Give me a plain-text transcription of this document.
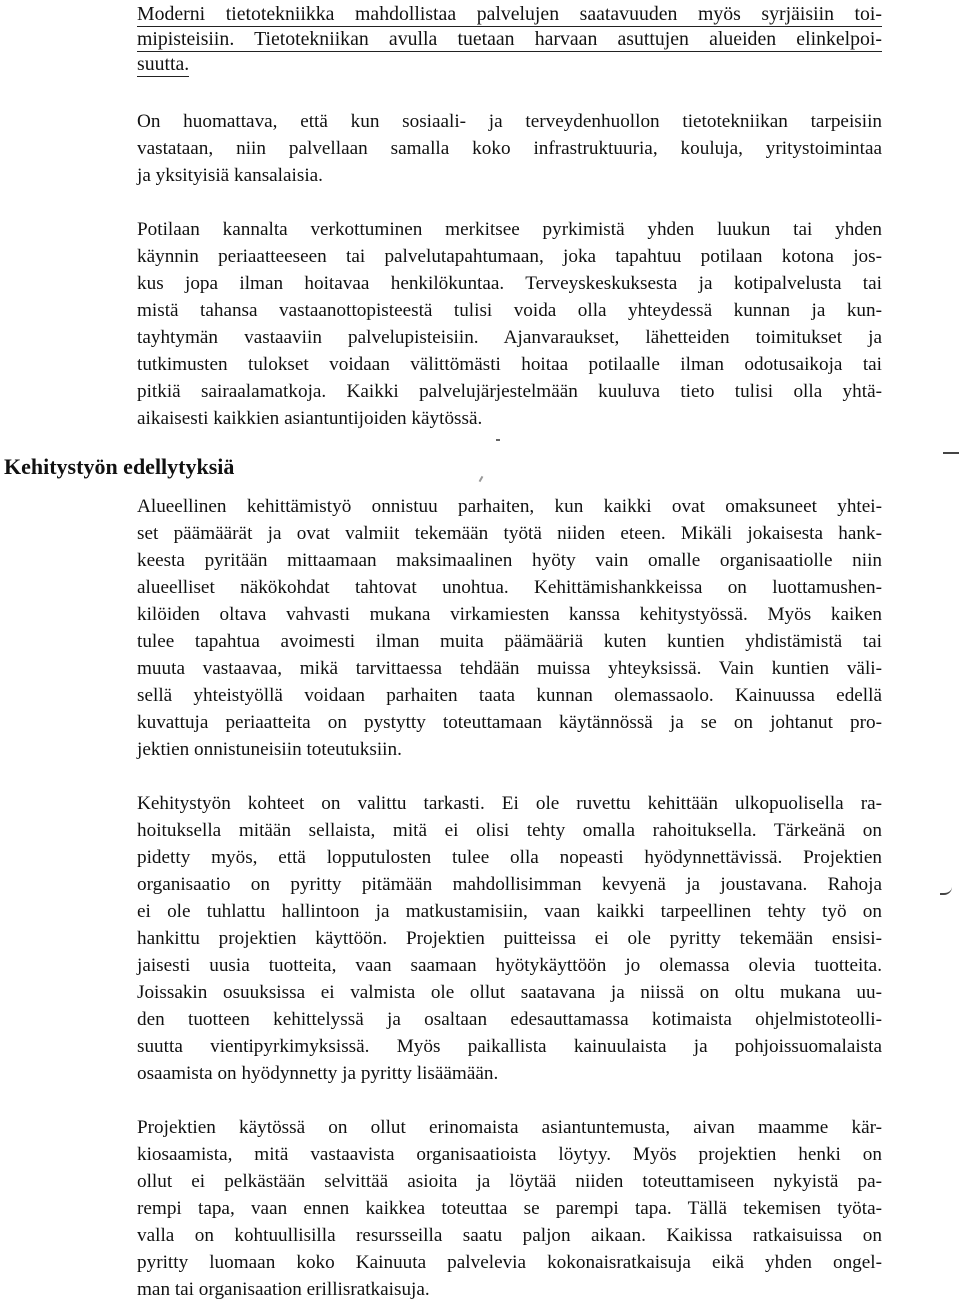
Moderni tietotekniikka mahdollistaa palvelujen saatavuuden myös syrjäisiin toi-
mipisteisiin. Tietotekniikan avulla tuetaan harvaan asuttujen alueiden elinkelpoi-
suutta.
On huomattava, että kun sosiaali- ja terveydenhuollon tietotekniikan tarpeisiin
vastataan, niin palvellaan samalla koko infrastruktuuria, kouluja, yritystoimintaa
ja yksityisiä kansalaisia.
Potilaan kannalta verkottuminen merkitsee pyrkimistä yhden luukun tai yhden
käynnin periaatteeseen tai palvelutapahtumaan, joka tapahtuu potilaan kotona jos-
kus jopa ilman hoitavaa henkilökuntaa. Terveyskeskuksesta ja kotipalvelusta tai
mistä tahansa vastaanottopisteestä tulisi voida olla yhteydessä kunnan ja kun-
tayhtymän vastaaviin palvelupisteisiin. Ajanvaraukset, lähetteiden toimitukset ja
tutkimusten tulokset voidaan välittömästi hoitaa potilaalle ilman odotusaikoja tai
pitkiä sairaalamatkoja. Kaikki palvelujärjestelmään kuuluva tieto tulisi olla yhtä-
aikaisesti kaikkien asiantuntijoiden käytössä.
Kehitystyön edellytyksiä
Alueellinen kehittämistyö onnistuu parhaiten, kun kaikki ovat omaksuneet yhtei-
set päämäärät ja ovat valmiit tekemään työtä niiden eteen. Mikäli jokaisesta hank-
keesta pyritään mittaamaan maksimaalinen hyöty vain omalle organisaatiolle niin
alueelliset näkökohdat tahtovat unohtua. Kehittämishankkeissa on luottamushen-
kilöiden oltava vahvasti mukana virkamiesten kanssa kehitystyössä. Myös kaiken
tulee tapahtua avoimesti ilman muita päämääriä kuten kuntien yhdistämistä tai
muuta vastaavaa, mikä tarvittaessa tehdään muissa yhteyksissä. Vain kuntien väli-
sellä yhteistyöllä voidaan parhaiten taata kunnan olemassaolo. Kainuussa edellä
kuvattuja periaatteita on pystytty toteuttamaan käytännössä ja se on johtanut pro-
jektien onnistuneisiin toteutuksiin.
Kehitystyön kohteet on valittu tarkasti. Ei ole ruvettu kehittään ulkopuolisella ra-
hoituksella mitään sellaista, mitä ei olisi tehty omalla rahoituksella. Tärkeänä on
pidetty myös, että lopputulosten tulee olla nopeasti hyödynnettävissä. Projektien
organisaatio on pyritty pitämään mahdollisimman kevyenä ja joustavana. Rahoja
ei ole tuhlattu hallintoon ja matkustamisiin, vaan kaikki tarpeellinen tehty työ on
hankittu projektien käyttöön. Projektien puitteissa ei ole pyritty tekemään ensisi-
jaisesti uusia tuotteita, vaan saamaan hyötykäyttöön jo olemassa olevia tuotteita.
Joissakin osuuksissa ei valmista ole ollut saatavana ja niissä on oltu mukana uu-
den tuotteen kehittelyssä ja osaltaan edesauttamassa kotimaista ohjelmistoteolli-
suutta vientipyrkimyksissä. Myös paikallista kainuulaista ja pohjoissuomalaista
osaamista on hyödynnetty ja pyritty lisäämään.
Projektien käytössä on ollut erinomaista asiantuntemusta, aivan maamme kär-
kiosaamista, mitä vastaavista organisaatioista löytyy. Myös projektien henki on
ollut ei pelkästään selvittää asioita ja löytää niiden toteuttamiseen nykyistä pa-
rempi tapa, vaan ennen kaikkea toteuttaa se parempi tapa. Tällä tekemisen työta-
valla on kohtuullisilla resursseilla saatu paljon aikaan. Kaikissa ratkaisuissa on
pyritty luomaan koko Kainuuta palvelevia kokonaisratkaisuja eikä yhden ongel-
man tai organisaation erillisratkaisuja.
